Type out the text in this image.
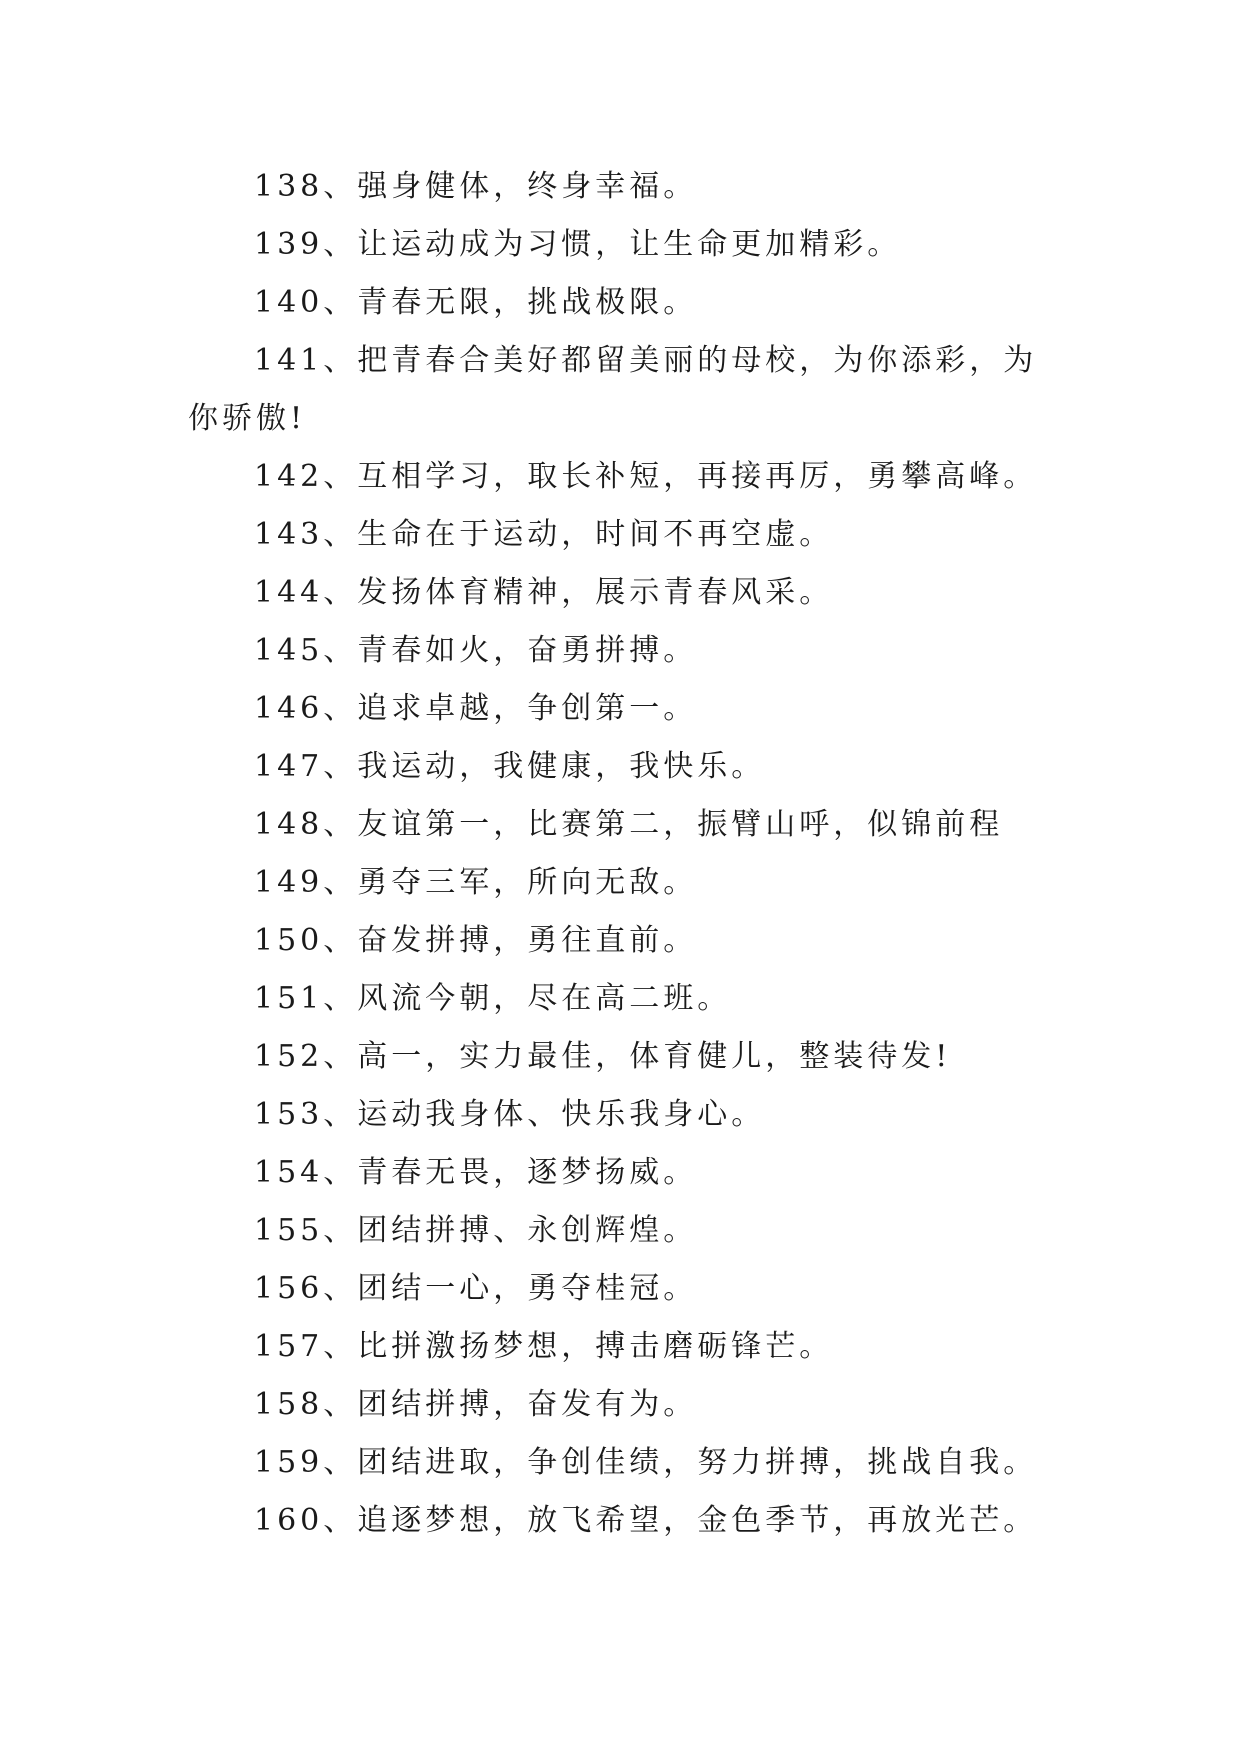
138、强身健体，终身幸福。

139、让运动成为习惯，让生命更加精彩。

140、青春无限，挑战极限。

141、把青春合美好都留美丽的母校，为你添彩，为你骄傲!

142、互相学习，取长补短，再接再厉，勇攀高峰。

143、生命在于运动，时间不再空虚。

144、发扬体育精神，展示青春风采。

145、青春如火，奋勇拼搏。

146、追求卓越，争创第一。

147、我运动，我健康，我快乐。

148、友谊第一，比赛第二，振臂山呼，似锦前程

149、勇夺三军，所向无敌。

150、奋发拼搏，勇往直前。

151、风流今朝，尽在高二班。

152、高一，实力最佳，体育健儿，整装待发!

153、运动我身体、快乐我身心。

154、青春无畏，逐梦扬威。

155、团结拼搏、永创辉煌。

156、团结一心，勇夺桂冠。

157、比拼激扬梦想，搏击磨砺锋芒。

158、团结拼搏，奋发有为。

159、团结进取，争创佳绩，努力拼搏，挑战自我。

160、追逐梦想，放飞希望，金色季节，再放光芒。
